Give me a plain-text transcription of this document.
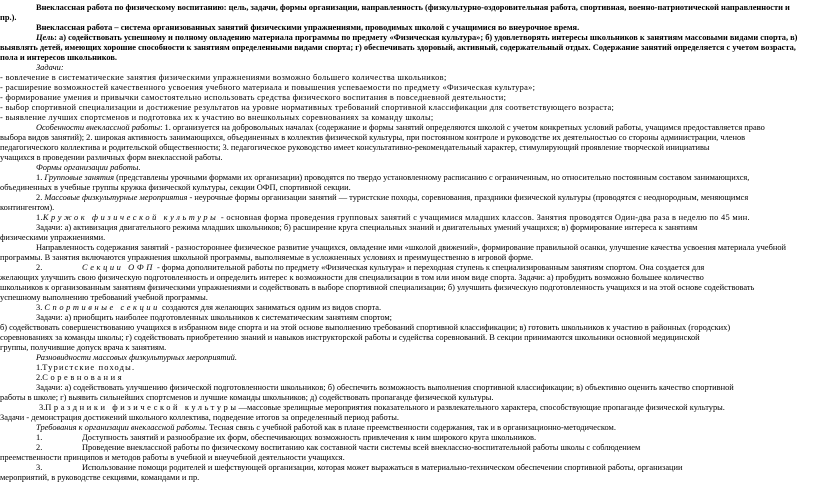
Внеклассная работа по физическому воспитанию: цель, задачи, формы организации, направленность (физкультурно-оздоровительная работа, спортивная, военно-патриотической направленности и
пр.).
Внеклассная работа – система организованных занятий физическими упражнениями, проводимых школой с учащимися во внеурочное время.
Цель: а) содействовать успешному и полному овладению материала программы по предмету «Физическая культура»; б) удовлетворять интересы школьников к занятиям массовыми видами спорта, в)
выявлять детей, имеющих хорошие способности к занятиям определенными видами спорта; г) обеспечивать здоровый, активный, содержательный отдых. Содержание занятий определяется с учетом возраста,
пола и интересов школьников.
Задачи:
- вовлечение в систематические занятия физическими упражнениями возможно большего количества школьников;
- расширение возможностей качественного усвоения учебного материала и повышения успеваемости по предмету «Физическая культура»;
- формирование умения и привычки самостоятельно использовать средства физического воспитания в повседневной деятельности;
- выбор спортивной специализации и достижение результатов на уровне нормативных требований спортивной классификации для соответствующего возраста;
- выявление лучших спортсменов и подготовка их к участию во внешкольных соревнованиях за команду школы;
Особенности внеклассной работы: 1. организуется на добровольных началах (содержание и формы занятий определяются школой с учетом конкретных условий работы, учащимся предоставляется право
выбора видов занятий); 2. широкая активность занимающихся, объединенных в коллектив физической культуры, при постоянном контроле и руководстве их деятельностью со стороны администрации, членов
педагогического коллектива и родительской общественности; 3. педагогическое руководство имеет консультативно-рекомендательный характер, стимулирующий проявление творческой инициативы
учащихся в проведении различных форм внеклассной работы.
Формы организации работы.
1. Групповые занятия (представлены урочными формами их организации) проводятся по твердо установленному расписанию с ограниченным, но относительно постоянным составом занимающихся,
объединенных в учебные группы кружка физической культуры, секции ОФП, спортивной секции.
2. Массовые физкультурные мероприятия - неурочные формы организации занятий — туристские походы, соревнования, праздники физической культуры (проводятся с неоднородным, меняющимся
контингентом).
1.Кружок физической культуры - основная форма проведения групповых занятий с учащимися младших классов. Занятия проводятся Один-два раза в неделю по 45 мин.
Задачи: а) активизация двигательного режима младших школьников; б) расширение круга специальных знаний и двигательных умений учащихся; в) формирование интереса к занятиям
физическими упражнениями.
Направленность содержания занятий - разностороннее физическое развитие учащихся, овладение ими «школой движений», формирование правильной осанки, улучшение качества усвоения материала учебной
программы. В занятия включаются упражнения школьной программы, выполняемые в усложненных условиях и преимущественно в игровой форме.
2.	Секции ОФП - форма дополнительной работы по предмету «Физическая культура» и переходная ступень к специализированным занятиям спортом. Она создается для
желающих улучшить свою физическую подготовленность и определить интерес к возможности для специализации в том или ином виде спорта. Задачи: а) пробудить возможно большее количество
школьников к организованным занятиям физическими упражнениями и содействовать в выборе спортивной специализации; б) улучшить физическую подготовленность учащихся и на этой основе содействовать
успешному выполнению требований учебной программы.
3. Спортивные секции создаются для желающих заниматься одним из видов спорта.
Задачи: а) приобщить наиболее подготовленных школьников к систематическим занятиям спортом;
б) содействовать совершенствованию учащихся в избранном виде спорта и на этой основе выполнению требований спортивной классификации; в) готовить школьников к участию в районных (городских)
соревнованиях за команды школы; г) содействовать приобретению знаний и навыков инструкторской работы и судейства соревнований. В секции принимаются школьники основной медицинской
группы, получившие допуск врача к занятиям.
Разновидности массовых физкультурных мероприятий.
1.Туристские походы.
2.Соревнования
Задачи: а) содействовать улучшению физической подготовленности школьников; б) обеспечить возможность выполнения спортивной классификации; в) объективно оценить качество спортивной
работы в школе; г) выявить сильнейших спортсменов и лучшие команды школьников; д) содействовать пропаганде физической культуры.
3.Праздники физической культуры—массовые зрелищные мероприятия показательного и развлекательного характера, способствующие пропаганде физической культуры.
Задачи - демонстрация достижений школьного коллектива, подведение итогов за определенный период работы.
Требования к организации внеклассной работы. Тесная связь с учебной работой как в плане преемственности содержания, так и в организационно-методическом.
1.	Доступность занятий и разнообразие их форм, обеспечивающих возможность привлечения к ним широкого круга школьников.
2.	Проведение внеклассной работы по физическому воспитанию как составной части системы всей внеклассно-воспитательной работы школы с соблюдением
преемственности принципов и методов работы в учебной и внеучебной деятельности учащихся.
3.	Использование помощи родителей и шефствующей организации, которая может выражаться в материально-техническом обеспечении спортивной работы, организации
мероприятий, в руководстве секциями, командами и пр.
